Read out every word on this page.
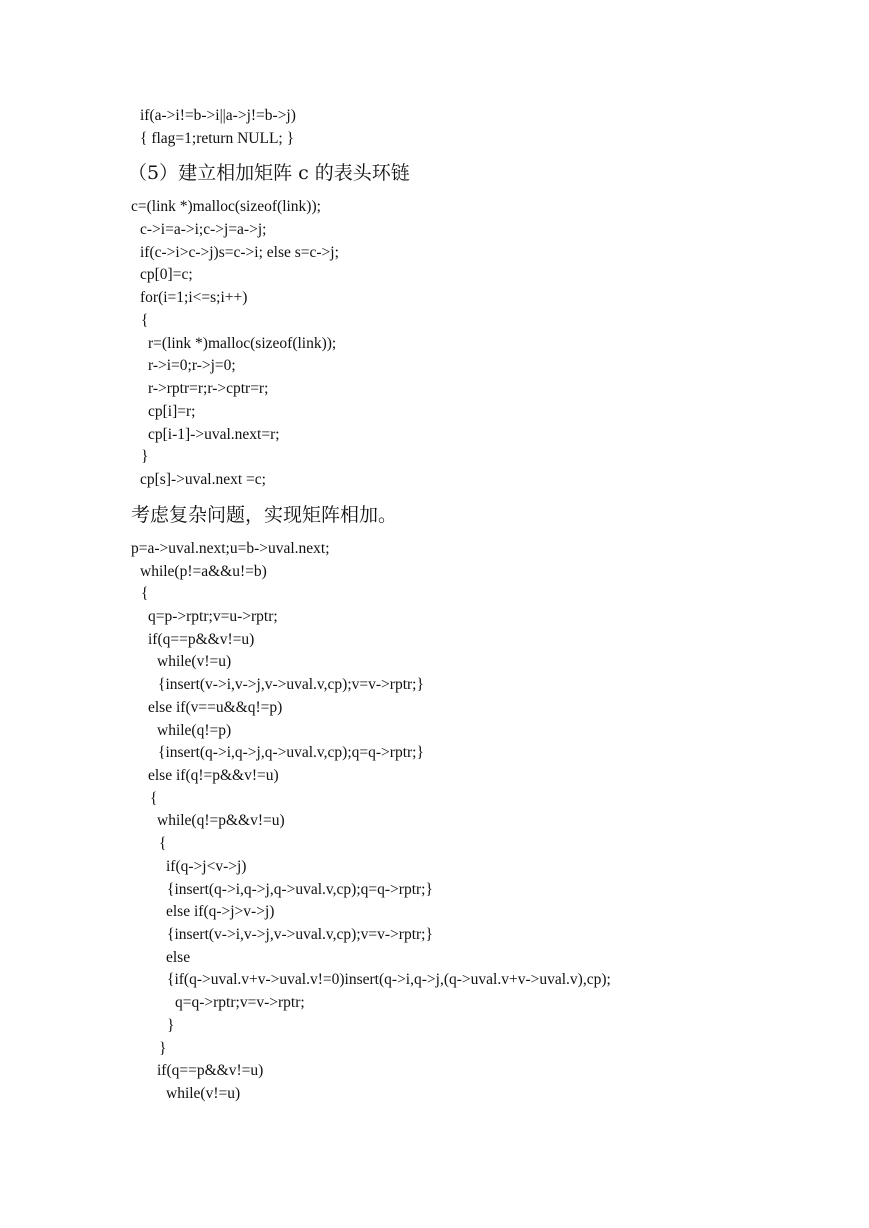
if(a->i!=b->i||a->j!=b->j)
{ flag=1;return NULL; }
（5）建立相加矩阵 c 的表头环链
c=(link *)malloc(sizeof(link));
c->i=a->i;c->j=a->j;
if(c->i>c->j)s=c->i; else s=c->j;
cp[0]=c;
for(i=1;i<=s;i++)
{
r=(link *)malloc(sizeof(link));
r->i=0;r->j=0;
r->rptr=r;r->cptr=r;
cp[i]=r;
cp[i-1]->uval.next=r;
}
cp[s]->uval.next =c;
考虑复杂问题，实现矩阵相加。
p=a->uval.next;u=b->uval.next;
while(p!=a&&u!=b)
{
q=p->rptr;v=u->rptr;
if(q==p&&v!=u)
while(v!=u)
{insert(v->i,v->j,v->uval.v,cp);v=v->rptr;}
else if(v==u&&q!=p)
while(q!=p)
{insert(q->i,q->j,q->uval.v,cp);q=q->rptr;}
else if(q!=p&&v!=u)
{
while(q!=p&&v!=u)
{
if(q->j<v->j)
{insert(q->i,q->j,q->uval.v,cp);q=q->rptr;}
else if(q->j>v->j)
{insert(v->i,v->j,v->uval.v,cp);v=v->rptr;}
else
{if(q->uval.v+v->uval.v!=0)insert(q->i,q->j,(q->uval.v+v->uval.v),cp);
q=q->rptr;v=v->rptr;
}
}
if(q==p&&v!=u)
while(v!=u)
